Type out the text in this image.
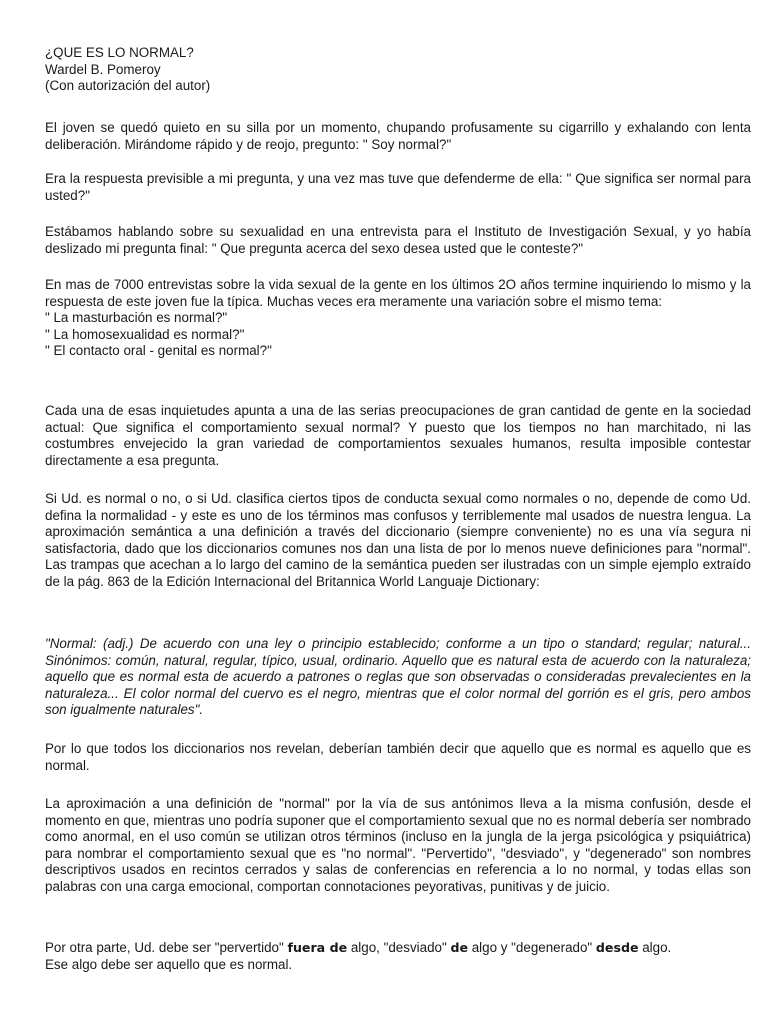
¿QUE ES LO NORMAL?
Wardel B. Pomeroy
(Con autorización del autor)

El joven se quedó quieto en su silla por un momento, chupando profusamente su cigarrillo y exhalando con lenta deliberación. Mirándome rápido y de reojo, pregunto: " Soy normal?"

Era la respuesta previsible a mi pregunta, y una vez mas tuve que defenderme de ella: " Que significa ser normal para usted?"

Estábamos hablando sobre su sexualidad en una entrevista para el Instituto de Investigación Sexual, y yo había deslizado mi pregunta final: " Que pregunta acerca del sexo desea usted que le conteste?"

En mas de 7000 entrevistas sobre la vida sexual de la gente en los últimos 2O años termine inquiriendo lo mismo y la respuesta de este joven fue la típica. Muchas veces era meramente una variación sobre el mismo tema:
" La masturbación es normal?"
" La homosexualidad es normal?"
" El contacto oral - genital es normal?"

Cada una de esas inquietudes apunta a una de las serias preocupaciones de gran cantidad de gente en la sociedad actual: Que significa el comportamiento sexual normal? Y puesto que los tiempos no han marchitado, ni las costumbres envejecido la gran variedad de comportamientos sexuales humanos, resulta imposible contestar directamente a esa pregunta.

Si Ud. es normal o no, o si Ud. clasifica ciertos tipos de conducta sexual como normales o no, depende de como Ud. defina la normalidad - y este es uno de los términos mas confusos y terriblemente mal usados de nuestra lengua. La aproximación semántica a una definición a través del diccionario (siempre conveniente) no es una vía segura ni satisfactoria, dado que los diccionarios comunes nos dan una lista de por lo menos nueve definiciones para "normal". Las trampas que acechan a lo largo del camino de la semántica pueden ser ilustradas con un simple ejemplo extraído de la pág. 863 de la Edición Internacional del Britannica World Languaje Dictionary:

"Normal: (adj.) De acuerdo con una ley o principio establecido; conforme a un tipo o standard; regular; natural... Sinónimos: común, natural, regular, típico, usual, ordinario. Aquello que es natural esta de acuerdo con la naturaleza; aquello que es normal esta de acuerdo a patrones o reglas que son observadas o consideradas prevalecientes en la naturaleza... El color normal del cuervo es el negro, mientras que el color normal del gorrión es el gris, pero ambos son igualmente naturales".

Por lo que todos los diccionarios nos revelan, deberían también decir que aquello que es normal es aquello que es normal.

La aproximación a una definición de "normal" por la vía de sus antónimos lleva a la misma confusión, desde el momento en que, mientras uno podría suponer que el comportamiento sexual que no es normal debería ser nombrado como anormal, en el uso común se utilizan otros términos (incluso en la jungla de la jerga psicológica y psiquiátrica) para nombrar el comportamiento sexual que es "no normal". "Pervertido", "desviado", y "degenerado" son nombres descriptivos usados en recintos cerrados y salas de conferencias en referencia a lo no normal, y todas ellas son palabras con una carga emocional, comportan connotaciones peyorativas, punitivas y de juicio.

Por otra parte, Ud. debe ser "pervertido" fuera de algo, "desviado" de algo y "degenerado" desde algo.
Ese algo debe ser aquello que es normal.
